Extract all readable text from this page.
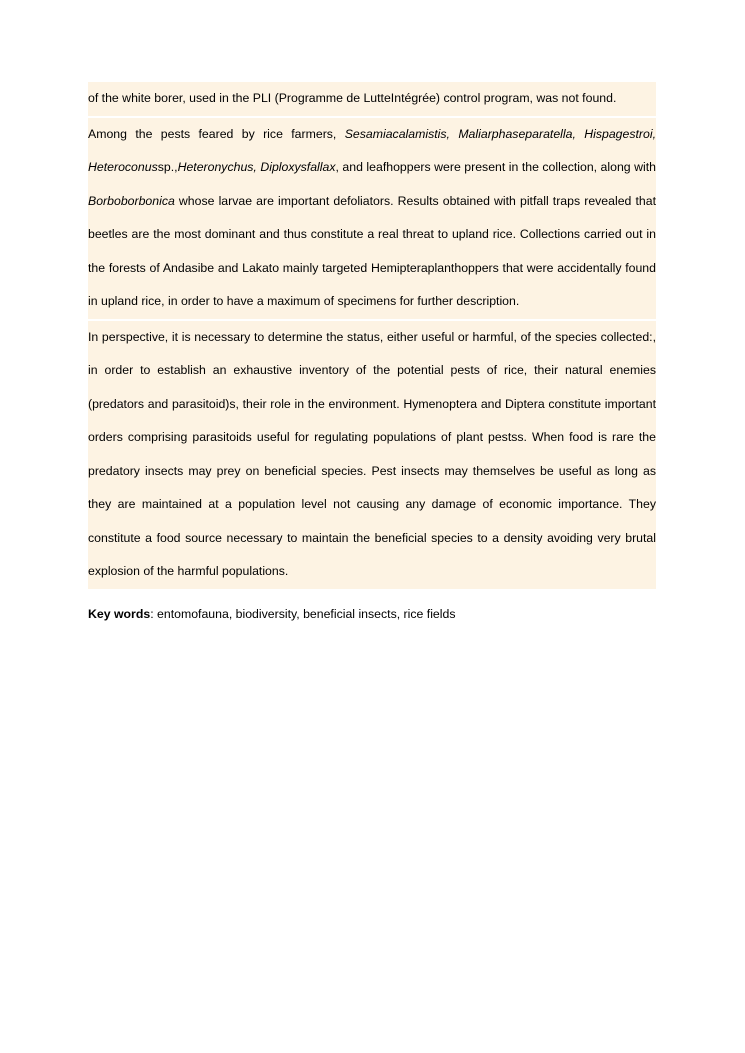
of the white borer, used in the PLI (Programme de LutteIntégrée) control program, was not found.

Among the pests feared by rice farmers, Sesamiacalamistis, Maliarphaseparatella, Hispagestroi, Heteroconussp.,Heteronychus, Diploxysfallax, and leafhoppers were present in the collection, along with Borboborbonica whose larvae are important defoliators. Results obtained with pitfall traps revealed that beetles are the most dominant and thus constitute a real threat to upland rice. Collections carried out in the forests of Andasibe and Lakato mainly targeted Hemipteraplanthoppers that were accidentally found in upland rice, in order to have a maximum of specimens for further description.

In perspective, it is necessary to determine the status, either useful or harmful, of the species collected:, in order to establish an exhaustive inventory of the potential pests of rice, their natural enemies (predators and parasitoid)s, their role in the environment. Hymenoptera and Diptera constitute important orders comprising parasitoids useful for regulating populations of plant pestss. When food is rare the predatory insects may prey on beneficial species. Pest insects may themselves be useful as long as they are maintained at a population level not causing any damage of economic importance. They constitute a food source necessary to maintain the beneficial species to a density avoiding very brutal explosion of the harmful populations.

Key words: entomofauna, biodiversity, beneficial insects, rice fields
